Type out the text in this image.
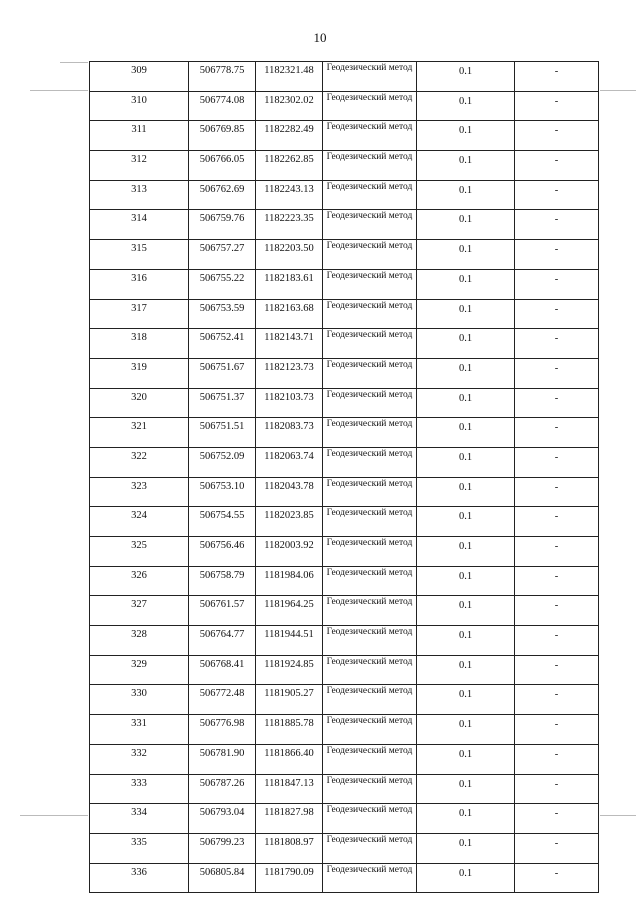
10
309	506778.75	1182321.48	Геодезический метод	0.1	-
310	506774.08	1182302.02	Геодезический метод	0.1	-
311	506769.85	1182282.49	Геодезический метод	0.1	-
312	506766.05	1182262.85	Геодезический метод	0.1	-
313	506762.69	1182243.13	Геодезический метод	0.1	-
314	506759.76	1182223.35	Геодезический метод	0.1	-
315	506757.27	1182203.50	Геодезический метод	0.1	-
316	506755.22	1182183.61	Геодезический метод	0.1	-
317	506753.59	1182163.68	Геодезический метод	0.1	-
318	506752.41	1182143.71	Геодезический метод	0.1	-
319	506751.67	1182123.73	Геодезический метод	0.1	-
320	506751.37	1182103.73	Геодезический метод	0.1	-
321	506751.51	1182083.73	Геодезический метод	0.1	-
322	506752.09	1182063.74	Геодезический метод	0.1	-
323	506753.10	1182043.78	Геодезический метод	0.1	-
324	506754.55	1182023.85	Геодезический метод	0.1	-
325	506756.46	1182003.92	Геодезический метод	0.1	-
326	506758.79	1181984.06	Геодезический метод	0.1	-
327	506761.57	1181964.25	Геодезический метод	0.1	-
328	506764.77	1181944.51	Геодезический метод	0.1	-
329	506768.41	1181924.85	Геодезический метод	0.1	-
330	506772.48	1181905.27	Геодезический метод	0.1	-
331	506776.98	1181885.78	Геодезический метод	0.1	-
332	506781.90	1181866.40	Геодезический метод	0.1	-
333	506787.26	1181847.13	Геодезический метод	0.1	-
334	506793.04	1181827.98	Геодезический метод	0.1	-
335	506799.23	1181808.97	Геодезический метод	0.1	-
336	506805.84	1181790.09	Геодезический метод	0.1	-
